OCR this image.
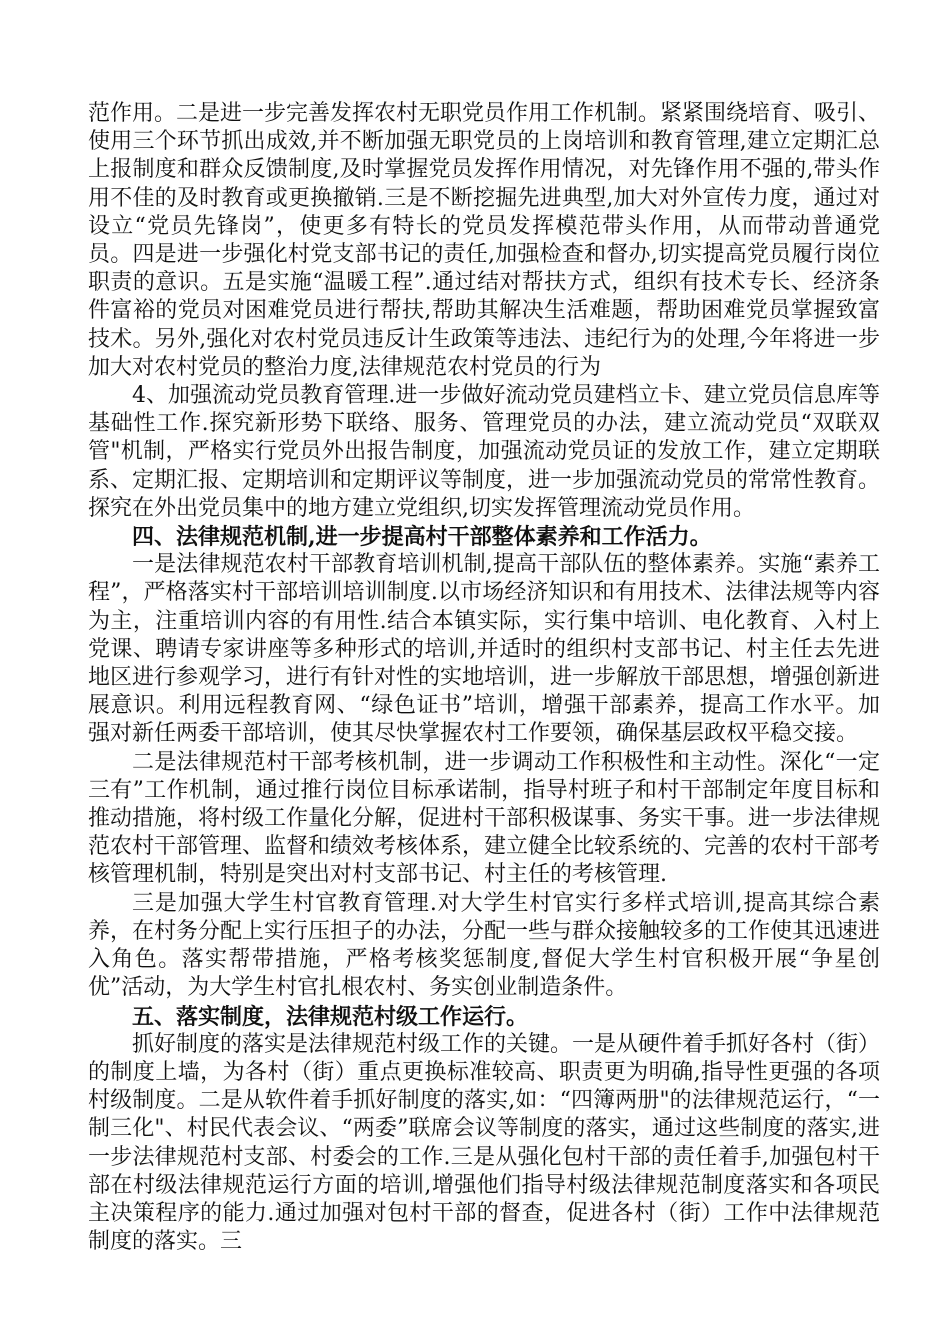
范作用。二是进一步完善发挥农村无职党员作用工作机制。紧紧围绕培育、吸引、使用三个环节抓出成效,并不断加强无职党员的上岗培训和教育管理,建立定期汇总上报制度和群众反馈制度,及时掌握党员发挥作用情况，对先锋作用不强的,带头作用不佳的及时教育或更换撤销.三是不断挖掘先进典型,加大对外宣传力度，通过对设立“党员先锋岗”，使更多有特长的党员发挥模范带头作用，从而带动普通党员。四是进一步强化村党支部书记的责任,加强检查和督办,切实提高党员履行岗位职责的意识。五是实施“温暖工程”.通过结对帮扶方式，组织有技术专长、经济条件富裕的党员对困难党员进行帮扶,帮助其解决生活难题，帮助困难党员掌握致富技术。另外,强化对农村党员违反计生政策等违法、违纪行为的处理,今年将进一步加大对农村党员的整治力度,法律规范农村党员的行为

4、加强流动党员教育管理.进一步做好流动党员建档立卡、建立党员信息库等基础性工作.探究新形势下联络、服务、管理党员的办法，建立流动党员“双联双管"机制，严格实行党员外出报告制度，加强流动党员证的发放工作，建立定期联系、定期汇报、定期培训和定期评议等制度，进一步加强流动党员的常常性教育。探究在外出党员集中的地方建立党组织,切实发挥管理流动党员作用。

四、法律规范机制,进一步提高村干部整体素养和工作活力。

一是法律规范农村干部教育培训机制,提高干部队伍的整体素养。实施“素养工程”，严格落实村干部培训培训制度.以市场经济知识和有用技术、法律法规等内容为主，注重培训内容的有用性.结合本镇实际，实行集中培训、电化教育、入村上党课、聘请专家讲座等多种形式的培训,并适时的组织村支部书记、村主任去先进地区进行参观学习，进行有针对性的实地培训，进一步解放干部思想，增强创新进展意识。利用远程教育网、“绿色证书”培训，增强干部素养，提高工作水平。加强对新任两委干部培训，使其尽快掌握农村工作要领，确保基层政权平稳交接。

二是法律规范村干部考核机制，进一步调动工作积极性和主动性。深化“一定三有”工作机制，通过推行岗位目标承诺制，指导村班子和村干部制定年度目标和推动措施，将村级工作量化分解，促进村干部积极谋事、务实干事。进一步法律规范农村干部管理、监督和绩效考核体系，建立健全比较系统的、完善的农村干部考核管理机制，特别是突出对村支部书记、村主任的考核管理.

三是加强大学生村官教育管理.对大学生村官实行多样式培训,提高其综合素养，在村务分配上实行压担子的办法，分配一些与群众接触较多的工作使其迅速进入角色。落实帮带措施，严格考核奖惩制度,督促大学生村官积极开展“争星创优”活动，为大学生村官扎根农村、务实创业制造条件。

五、落实制度，法律规范村级工作运行。

抓好制度的落实是法律规范村级工作的关键。一是从硬件着手抓好各村（街）的制度上墙，为各村（街）重点更换标准较高、职责更为明确,指导性更强的各项村级制度。二是从软件着手抓好制度的落实,如：“四簿两册"的法律规范运行，“一制三化"、村民代表会议、“两委”联席会议等制度的落实，通过这些制度的落实,进一步法律规范村支部、村委会的工作.三是从强化包村干部的责任着手,加强包村干部在村级法律规范运行方面的培训,增强他们指导村级法律规范制度落实和各项民主决策程序的能力.通过加强对包村干部的督查，促进各村（街）工作中法律规范制度的落实。三
